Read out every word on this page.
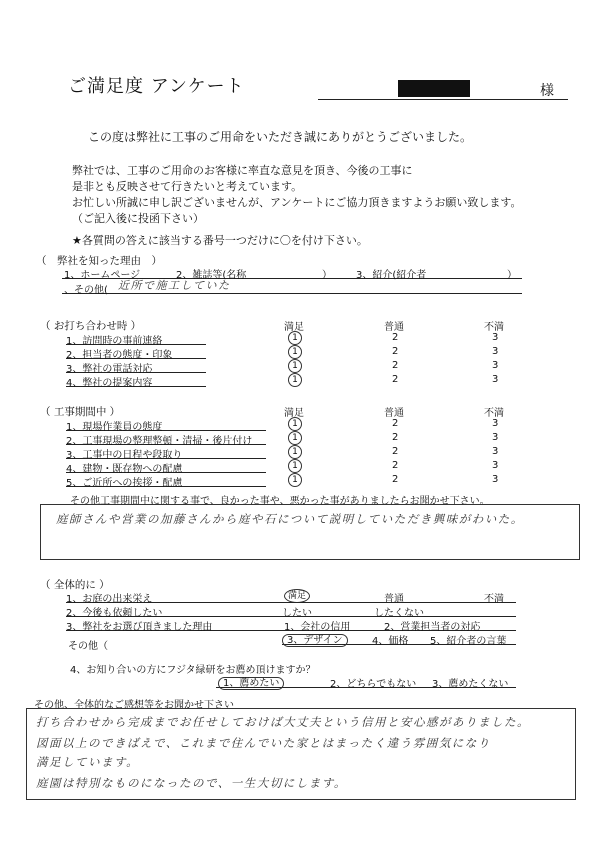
ご満足度 アンケート	様
この度は弊社に工事のご用命をいただき誠にありがとうございました。
弊社では、工事のご用命のお客様に率直な意見を頂き、今後の工事に
是非とも反映させて行きたいと考えています。
お忙しい所誠に申し訳ございませんが、アンケートにご協力頂きますようお願い致します。
（ご記入後に投函下さい）
★各質問の答えに該当する番号一つだけに〇を付け下さい。
（　弊社を知った理由　）
1、ホームページ	2、雑誌等(名称	） 3、紹介(紹介者	）
、その他( 近所で施工していた
（ お打ち合わせ時 ）	満足	普通	不満
1、訪問時の事前連絡	1	2	3
2、担当者の態度・印象	1	2	3
3、弊社の電話対応	1	2	3
4、弊社の提案内容	1	2	3
（ 工事期間中 ）	満足	普通	不満
1、現場作業員の態度	1	2	3
2、工事現場の整理整頓・清掃・後片付け	1	2	3
3、工事中の日程や段取り	1	2	3
4、建物・既存物への配慮	1	2	3
5、ご近所への挨拶・配慮	1	2	3
その他工事期間中に関する事で、良かった事や、悪かった事がありましたらお聞かせ下さい。
庭師さんや営業の加藤さんから庭や石について説明していただき興味がわいた。
（ 全体的に ）
満足	普通	不満
1、お庭の出来栄え
2、今後も依頼したい	したい	したくない
3、弊社をお選び頂きました理由	1、会社の信用	2、営業担当者の対応
3、デザイン	4、価格 5、紹介者の言葉
その他（
4、お知り合いの方にフジタ緑研をお薦め頂けますか？
1、薦めたい	2、どちらでもない 3、薦めたくない
その他、全体的なご感想等をお聞かせ下さい
打ち合わせから完成までお任せしておけば大丈夫という信用と安心感がありました。
図面以上のできばえで、これまで住んでいた家とはまったく違う雰囲気になり
満足しています。
庭園は特別なものになったので、一生大切にします。
